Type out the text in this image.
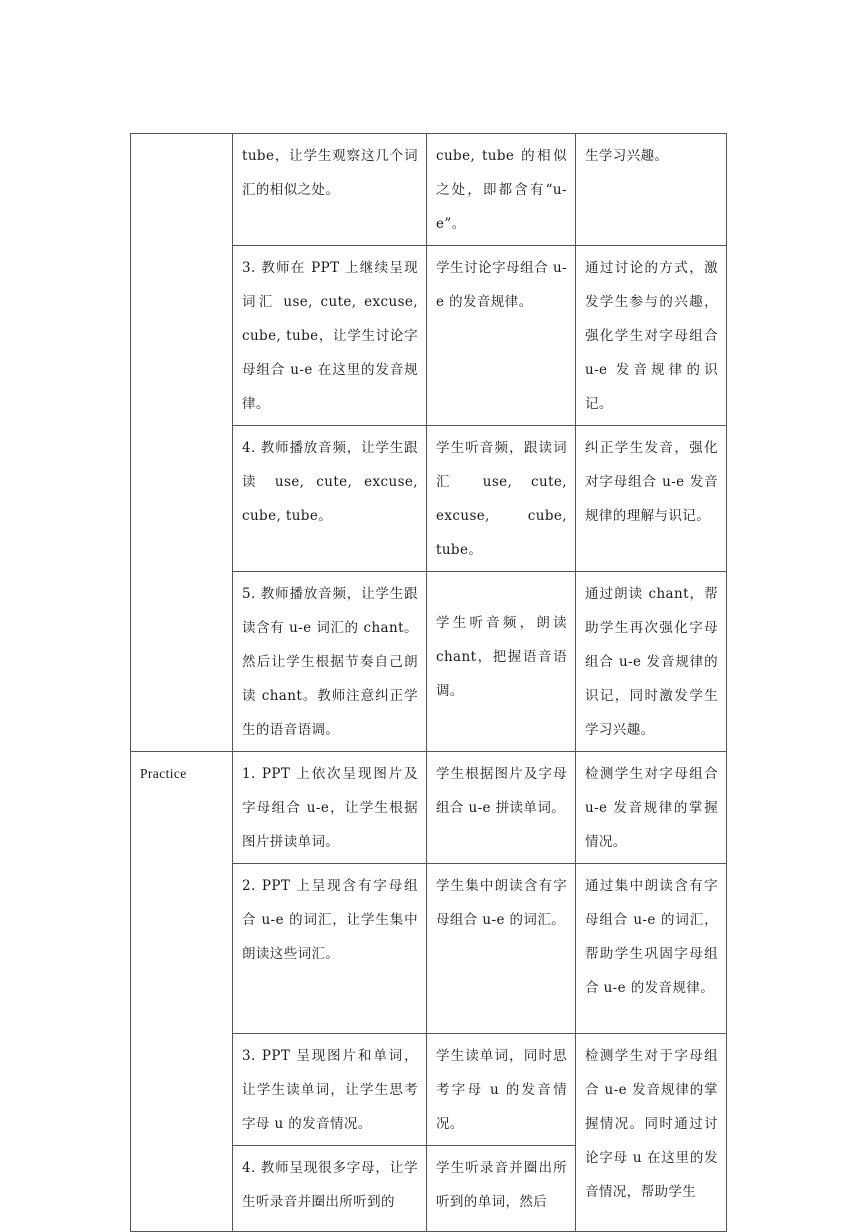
	tube，让学生观察这几个词汇的相似之处。	cube, tube 的相似之处，即都含有“u-e”。	生学习兴趣。
	3. 教师在 PPT 上继续呈现词汇 use, cute, excuse, cube, tube，让学生讨论字母组合 u-e 在这里的发音规律。	学生讨论字母组合 u-e 的发音规律。	通过讨论的方式，激发学生参与的兴趣，强化学生对字母组合 u-e 发音规律的识记。
	4. 教师播放音频，让学生跟读 use, cute, excuse, cube, tube。	学生听音频，跟读词汇 use, cute, excuse, cube, tube。	纠正学生发音，强化对字母组合 u-e 发音规律的理解与识记。
	5. 教师播放音频，让学生跟读含有 u-e 词汇的 chant。然后让学生根据节奏自己朗读 chant。教师注意纠正学生的语音语调。	学生听音频，朗读 chant，把握语音语调。	通过朗读 chant，帮助学生再次强化字母组合 u-e 发音规律的识记，同时激发学生学习兴趣。
Practice	1. PPT 上依次呈现图片及字母组合 u-e，让学生根据图片拼读单词。	学生根据图片及字母组合 u-e 拼读单词。	检测学生对字母组合 u-e 发音规律的掌握情况。
	2. PPT 上呈现含有字母组合 u-e 的词汇，让学生集中朗读这些词汇。	学生集中朗读含有字母组合 u-e 的词汇。	通过集中朗读含有字母组合 u-e 的词汇，帮助学生巩固字母组合 u-e 的发音规律。
	3. PPT 呈现图片和单词，让学生读单词，让学生思考字母 u 的发音情况。	学生读单词，同时思考字母 u 的发音情况。	检测学生对于字母组合 u-e 发音规律的掌握情况。同时通过讨论字母 u 在这里的发音情况，帮助学生
	4. 教师呈现很多字母，让学生听录音并圈出所听到的	学生听录音并圈出所听到的单词，然后	
